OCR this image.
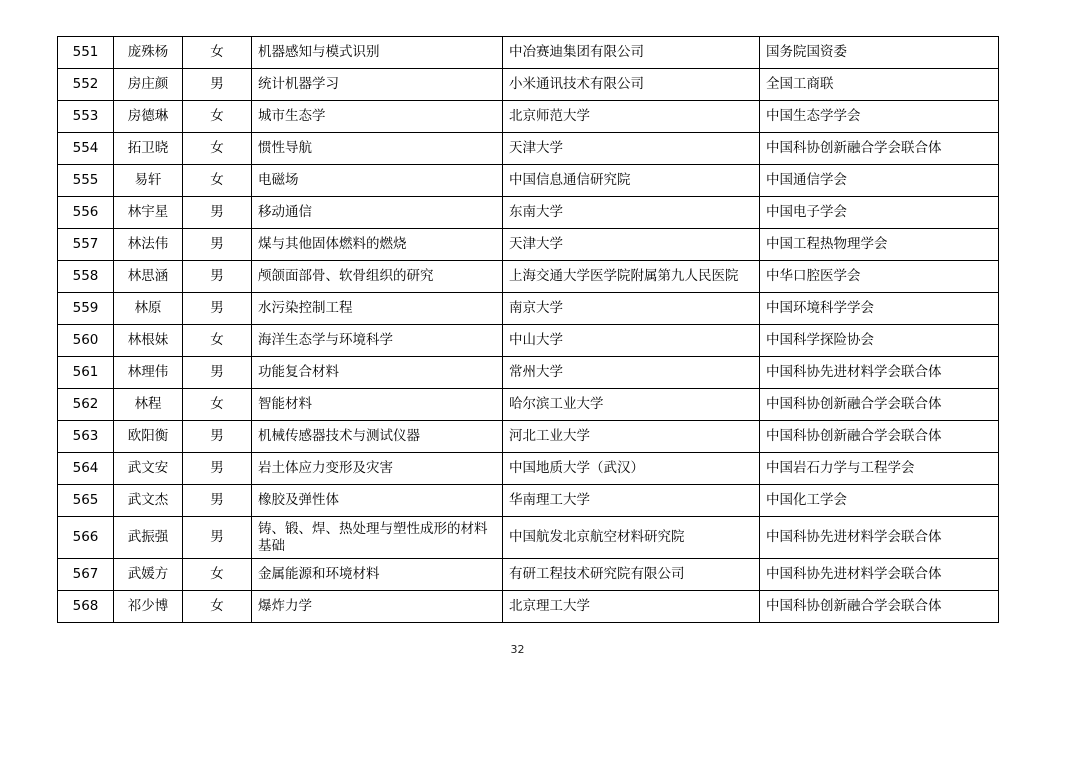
551	庞殊杨	女	机器感知与模式识别	中冶赛迪集团有限公司	国务院国资委
552	房庄颜	男	统计机器学习	小米通讯技术有限公司	全国工商联
553	房德琳	女	城市生态学	北京师范大学	中国生态学学会
554	拓卫晓	女	惯性导航	天津大学	中国科协创新融合学会联合体
555	易轩	女	电磁场	中国信息通信研究院	中国通信学会
556	林宇星	男	移动通信	东南大学	中国电子学会
557	林法伟	男	煤与其他固体燃料的燃烧	天津大学	中国工程热物理学会
558	林思涵	男	颅颌面部骨、软骨组织的研究	上海交通大学医学院附属第九人民医院	中华口腔医学会
559	林原	男	水污染控制工程	南京大学	中国环境科学学会
560	林根妹	女	海洋生态学与环境科学	中山大学	中国科学探险协会
561	林理伟	男	功能复合材料	常州大学	中国科协先进材料学会联合体
562	林程	女	智能材料	哈尔滨工业大学	中国科协创新融合学会联合体
563	欧阳衡	男	机械传感器技术与测试仪器	河北工业大学	中国科协创新融合学会联合体
564	武文安	男	岩土体应力变形及灾害	中国地质大学（武汉）	中国岩石力学与工程学会
565	武文杰	男	橡胶及弹性体	华南理工大学	中国化工学会
566	武振强	男	铸、锻、焊、热处理与塑性成形的材料基础	中国航发北京航空材料研究院	中国科协先进材料学会联合体
567	武媛方	女	金属能源和环境材料	有研工程技术研究院有限公司	中国科协先进材料学会联合体
568	祁少博	女	爆炸力学	北京理工大学	中国科协创新融合学会联合体
32
